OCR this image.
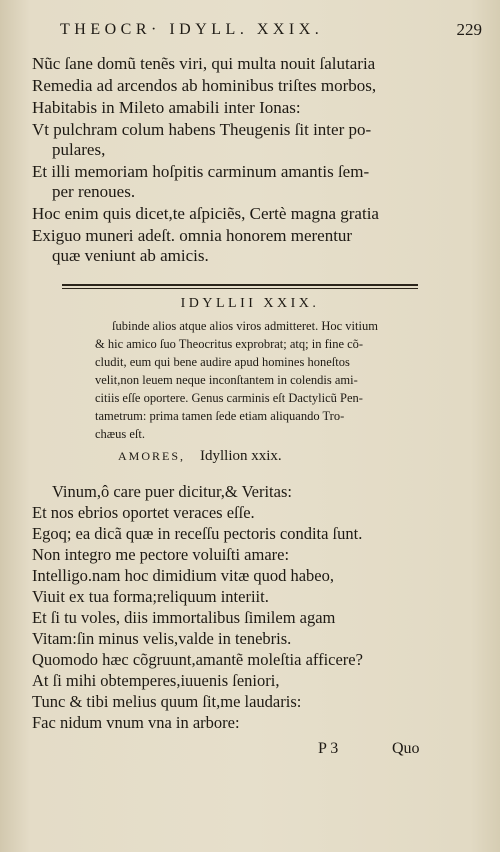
THEOCR· IDYLL. XXIX.	229
Nũc ſane domũ tenẽs viri, qui multa nouit ſalutaria
Remedia ad arcendos ab hominibus triſtes morbos,
Habitabis in Mileto amabili inter Ionas:
Vt pulchram colum habens Theugenis ſit inter po-
pulares,
Et illi memoriam hoſpitis carminum amantis ſem-
per renoues.
Hoc enim quis dicet,te aſpiciẽs, Certè magna gratia
Exiguo muneri adeſt. omnia honorem merentur
quæ veniunt ab amicis.
IDYLLII XXIX.
ſubinde alios atque alios viros admitteret. Hoc vitium
& hic amico ſuo Theocritus exprobrat; atq; in fine cõ-
cludit, eum qui bene audire apud homines honeſtos
velit,non leuem neque inconſtantem in colendis ami-
citiis eſſe oportere. Genus carminis eſt Dactylicũ Pen-
tametrum: prima tamen ſede etiam aliquando Tro-
chæus eſt.
AMORES, Idyllion xxix.
Vinum,ô care puer dicitur,& Veritas:
Et nos ebrios oportet veraces eſſe.
Egoq; ea dicã quæ in receſſu pectoris condita ſunt.
Non integro me pectore voluiſti amare:
Intelligo.nam hoc dimidium vitæ quod habeo,
Viuit ex tua forma;reliquum interiit.
Et ſi tu voles, diis immortalibus ſimilem agam
Vitam:ſin minus velis,valde in tenebris.
Quomodo hæc cõgruunt,amantẽ moleſtia afficere?
At ſi mihi obtemperes,iuuenis ſeniori,
Tunc & tibi melius quum ſit,me laudaris:
Fac nidum vnum vna in arbore:
P 3	Quo
